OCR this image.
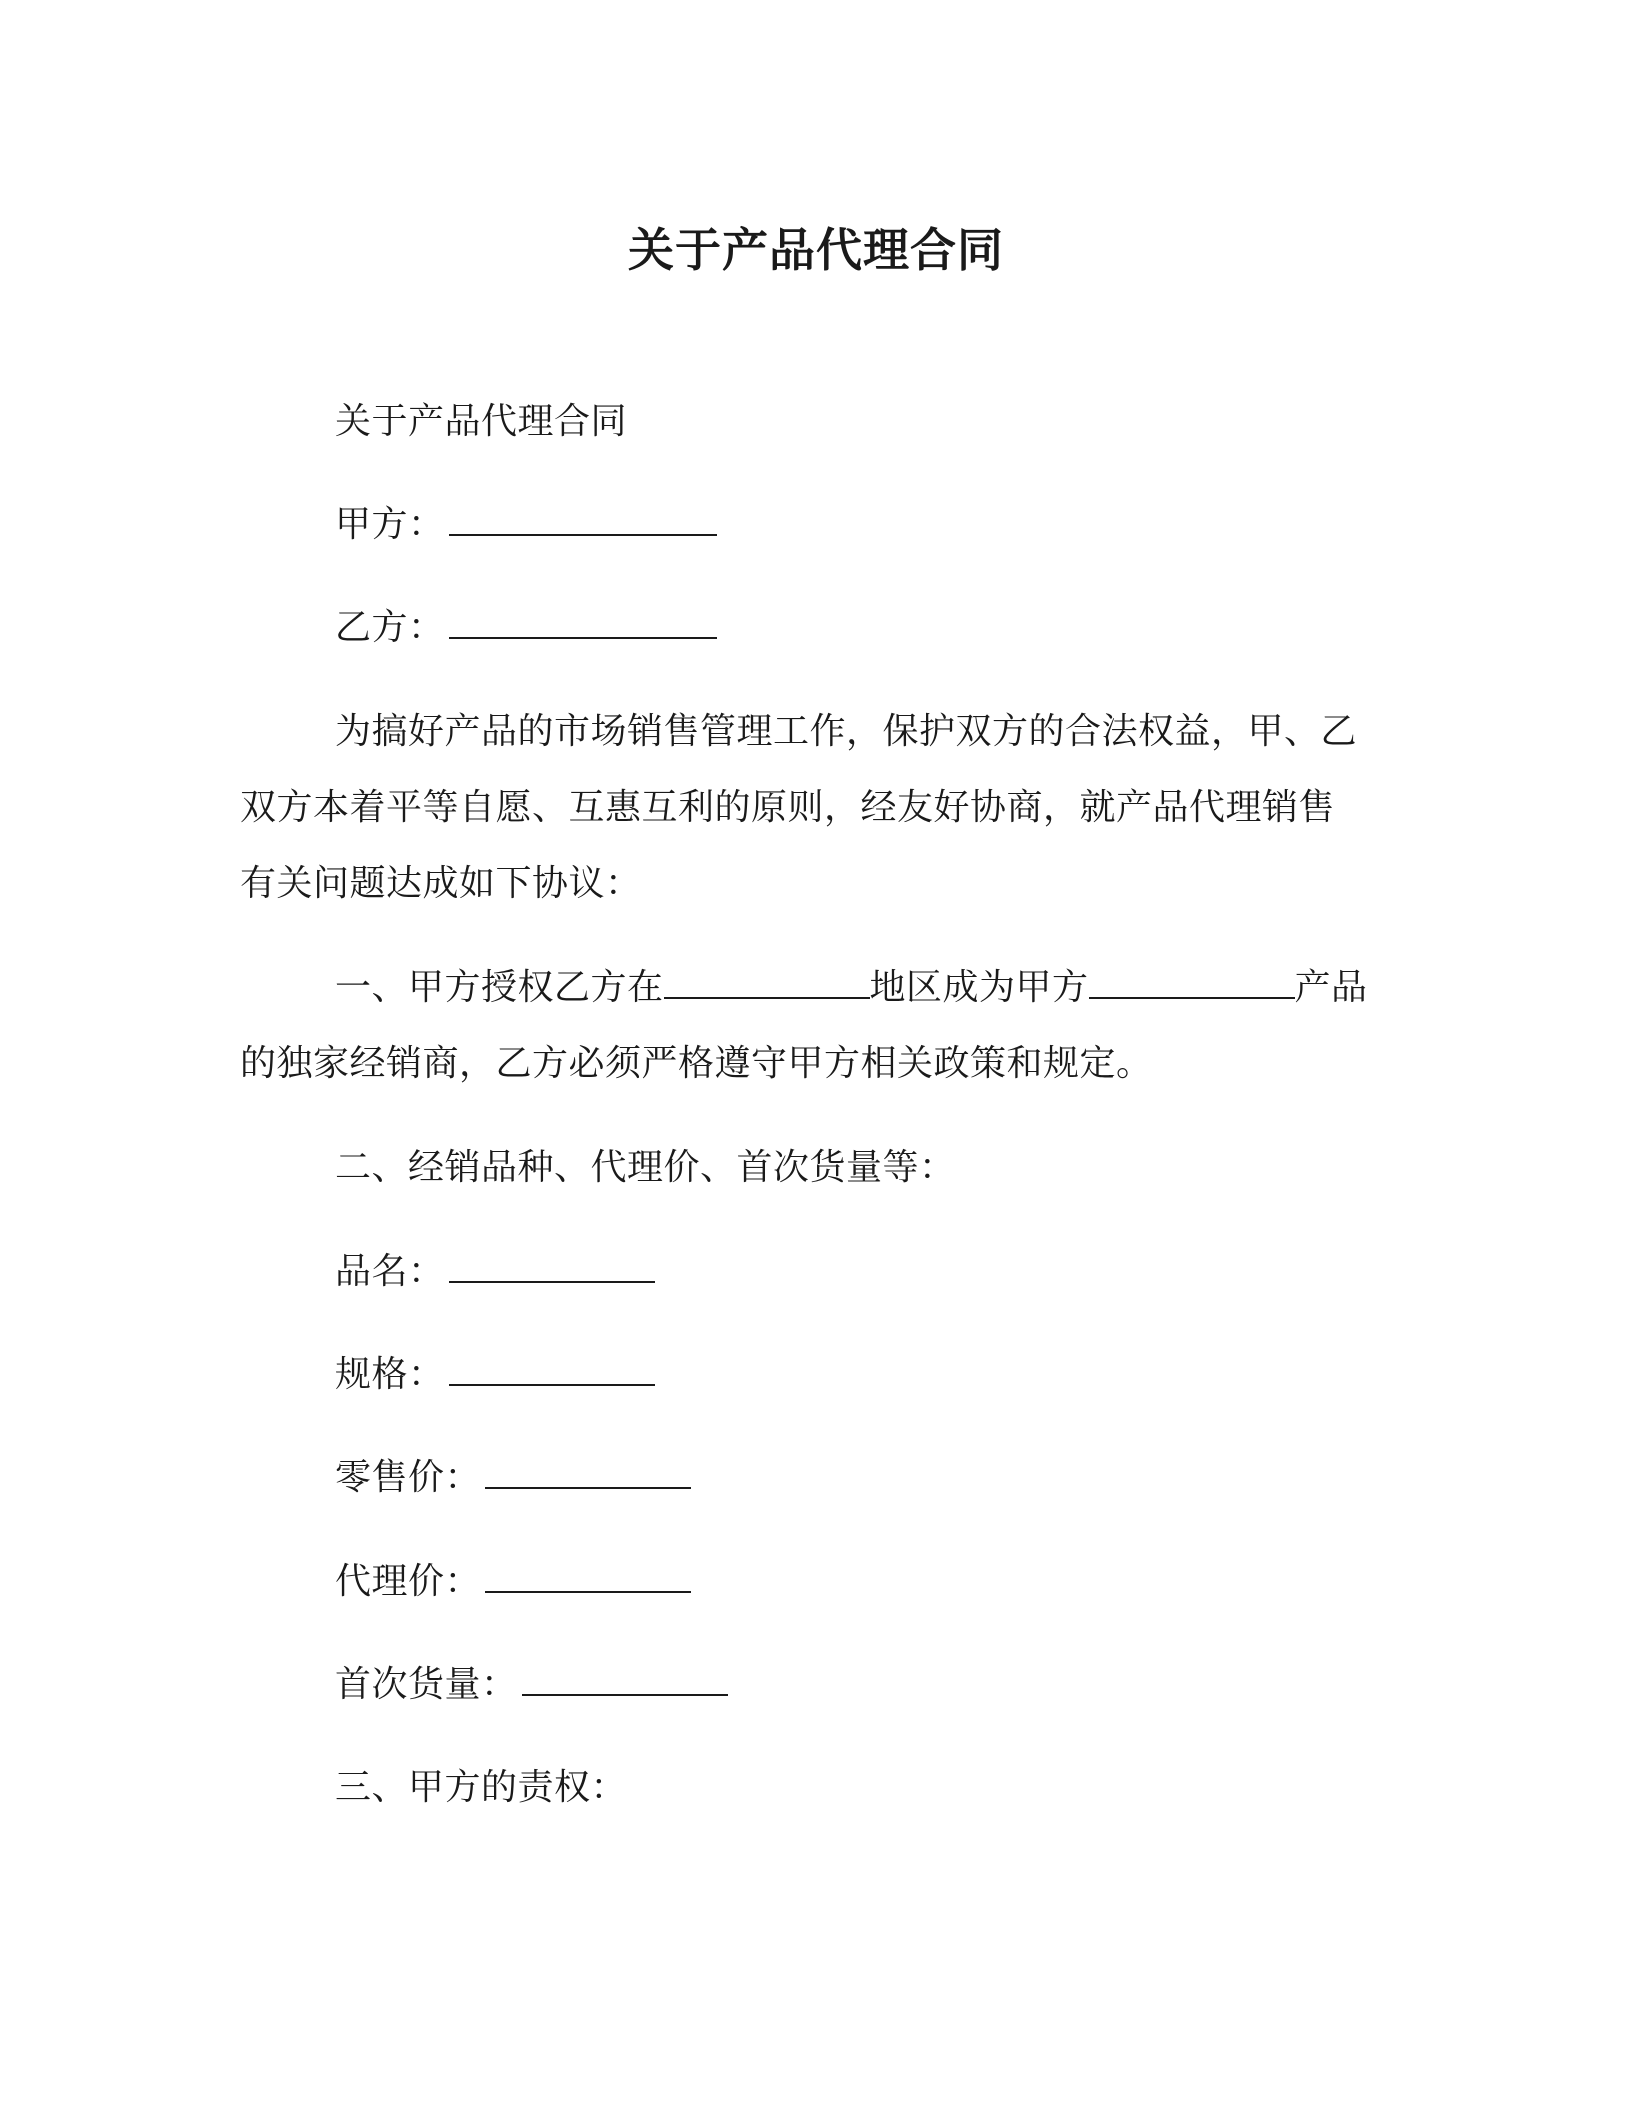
关于产品代理合同
关于产品代理合同
甲方：
乙方：
为搞好产品的市场销售管理工作，保护双方的合法权益，甲、乙
双方本着平等自愿、互惠互利的原则，经友好协商，就产品代理销售
有关问题达成如下协议：
一、甲方授权乙方在	地区成为甲方	产品
的独家经销商，乙方必须严格遵守甲方相关政策和规定。
二、经销品种、代理价、首次货量等：
品名：
规格：
零售价：
代理价：
首次货量：
三、甲方的责权：
